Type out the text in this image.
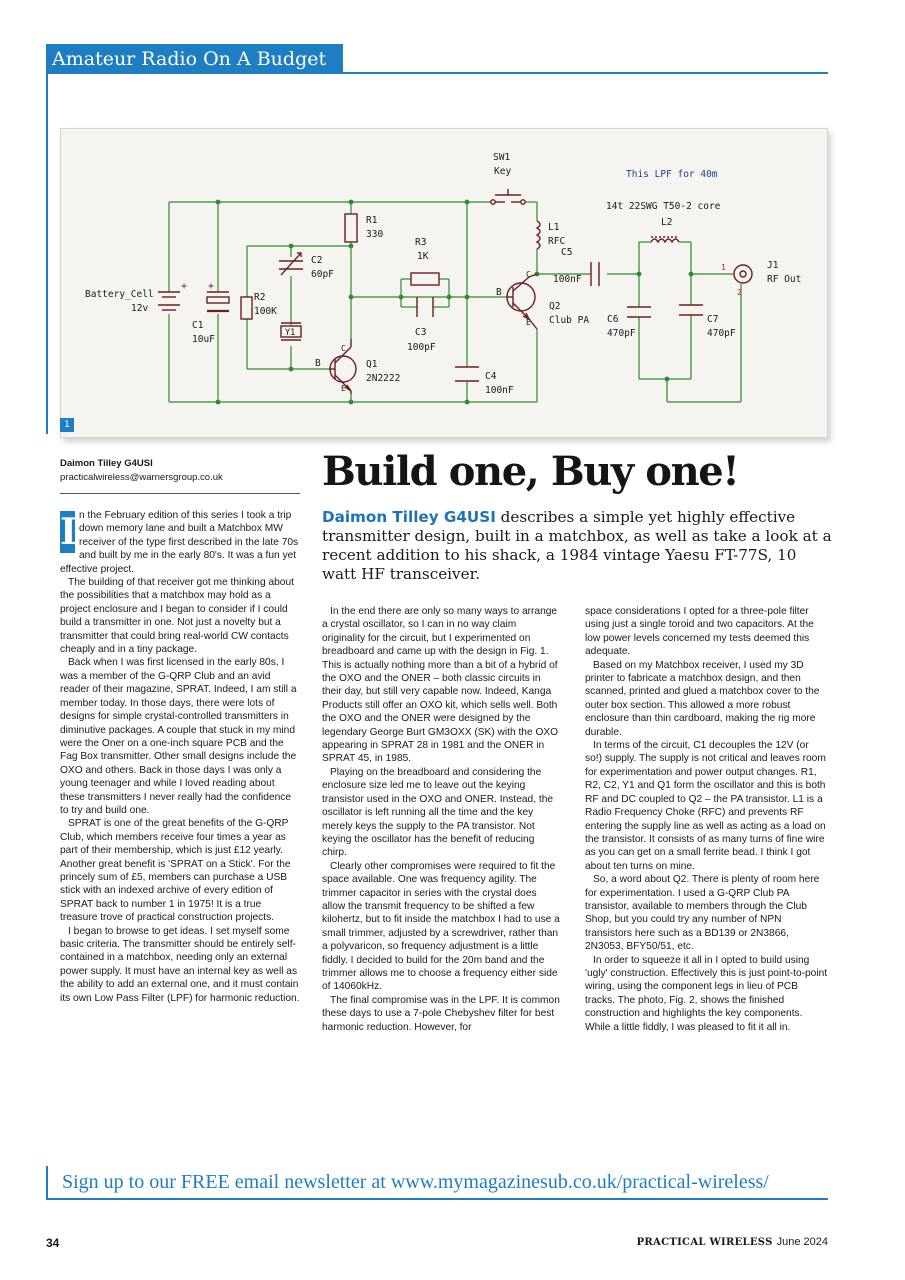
Amateur Radio On A Budget
SW1
Key	This LPF for 40m
14t 22SWG T50-2 core
L2
R1
330
L1
RFC
R3
1K
C2
60pF
C5
100nF
J1
RF Out
1
2
Battery_Cell
12v
+ +
R2
100K
Y1
C1
10uF
B
C
E
Q2
Club PA
C3
100pF
C6
470pF
C7
470pF
B
C
E
Q1
2N2222	C4
100nF
1
Daimon Tilley G4USI
practicalwireless@warnersgroup.co.uk	Build one, Buy one!
Daimon Tilley G4USI describes a simple yet highly effective transmitter design, built in a matchbox, as well as take a look at a recent addition to his shack, a 1984 vintage Yaesu FT-77S, 10 watt HF transceiver.
I n the February edition of this series I took a trip down memory lane and built a Matchbox MW receiver of the type first described in the late 70s and built by me in the early 80's. It was a fun yet effective project.

The building of that receiver got me thinking about the possibilities that a matchbox may hold as a project enclosure and I began to consider if I could build a transmitter in one. Not just a novelty but a transmitter that could bring real-world CW contacts cheaply and in a tiny package.

Back when I was first licensed in the early 80s, I was a member of the G-QRP Club and an avid reader of their magazine, SPRAT. Indeed, I am still a member today. In those days, there were lots of designs for simple crystal-controlled transmitters in diminutive packages. A couple that stuck in my mind were the Oner on a one-inch square PCB and the Fag Box transmitter. Other small designs include the OXO and others. Back in those days I was only a young teenager and while I loved reading about these transmitters I never really had the confidence to try and build one.

SPRAT is one of the great benefits of the G-QRP Club, which members receive four times a year as part of their membership, which is just £12 yearly. Another great benefit is 'SPRAT on a Stick'. For the princely sum of £5, members can purchase a USB stick with an indexed archive of every edition of SPRAT back to number 1 in 1975! It is a true treasure trove of practical construction projects.

I began to browse to get ideas. I set myself some basic criteria. The transmitter should be entirely self-contained in a matchbox, needing only an external power supply. It must have an internal key as well as the ability to add an external one, and it must contain its own Low Pass Filter (LPF) for harmonic reduction.

In the end there are only so many ways to arrange a crystal oscillator, so I can in no way claim originality for the circuit, but I experimented on breadboard and came up with the design in Fig. 1. This is actually nothing more than a bit of a hybrid of the OXO and the ONER – both classic circuits in their day, but still very capable now. Indeed, Kanga Products still offer an OXO kit, which sells well. Both the OXO and the ONER were designed by the legendary George Burt GM3OXX (SK) with the OXO appearing in SPRAT 28 in 1981 and the ONER in SPRAT 45, in 1985.

Playing on the breadboard and considering the enclosure size led me to leave out the keying transistor used in the OXO and ONER. Instead, the oscillator is left running all the time and the key merely keys the supply to the PA transistor. Not keying the oscillator has the benefit of reducing chirp.

Clearly other compromises were required to fit the space available. One was frequency agility. The trimmer capacitor in series with the crystal does allow the transmit frequency to be shifted a few kilohertz, but to fit inside the matchbox I had to use a small trimmer, adjusted by a screwdriver, rather than a polyvaricon, so frequency adjustment is a little fiddly. I decided to build for the 20m band and the trimmer allows me to choose a frequency either side of 14060kHz.

The final compromise was in the LPF. It is common these days to use a 7-pole Chebyshev filter for best harmonic reduction. However, for

space considerations I opted for a three-pole filter using just a single toroid and two capacitors. At the low power levels concerned my tests deemed this adequate.

Based on my Matchbox receiver, I used my 3D printer to fabricate a matchbox design, and then scanned, printed and glued a matchbox cover to the outer box section. This allowed a more robust enclosure than thin cardboard, making the rig more durable.

In terms of the circuit, C1 decouples the 12V (or so!) supply. The supply is not critical and leaves room for experimentation and power output changes. R1, R2, C2, Y1 and Q1 form the oscillator and this is both RF and DC coupled to Q2 – the PA transistor. L1 is a Radio Frequency Choke (RFC) and prevents RF entering the supply line as well as acting as a load on the transistor. It consists of as many turns of fine wire as you can get on a small ferrite bead. I think I got about ten turns on mine.

So, a word about Q2. There is plenty of room here for experimentation. I used a G-QRP Club PA transistor, available to members through the Club Shop, but you could try any number of NPN transistors here such as a BD139 or 2N3866, 2N3053, BFY50/51, etc.

In order to squeeze it all in I opted to build using 'ugly' construction. Effectively this is just point-to-point wiring, using the component legs in lieu of PCB tracks. The photo, Fig. 2, shows the finished construction and highlights the key components. While a little fiddly, I was pleased to fit it all in.

Sign up to our FREE email newsletter at www.mymagazinesub.co.uk/practical-wireless/
34	PRACTICAL WIRELESS June 2024
